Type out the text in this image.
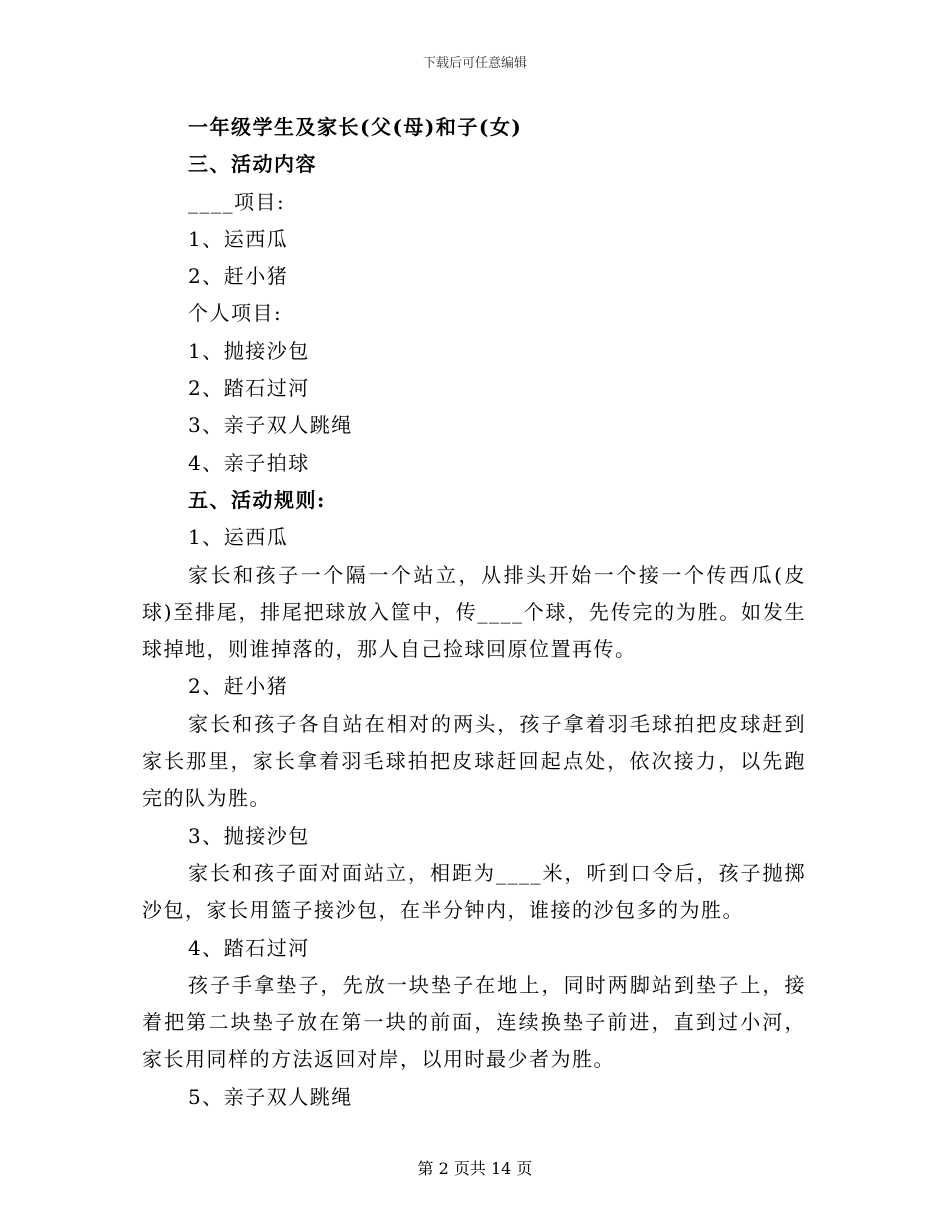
下载后可任意编辑
一年级学生及家长(父(母)和子(女)
三、活动内容
____项目:
1、运西瓜
2、赶小猪
个人项目:
1、抛接沙包
2、踏石过河
3、亲子双人跳绳
4、亲子拍球
五、活动规则:
1、运西瓜
家长和孩子一个隔一个站立，从排头开始一个接一个传西瓜(皮球)至排尾，排尾把球放入筐中，传____个球，先传完的为胜。如发生球掉地，则谁掉落的，那人自己捡球回原位置再传。
2、赶小猪
家长和孩子各自站在相对的两头，孩子拿着羽毛球拍把皮球赶到家长那里，家长拿着羽毛球拍把皮球赶回起点处，依次接力，以先跑完的队为胜。
3、抛接沙包
家长和孩子面对面站立，相距为____米，听到口令后，孩子抛掷沙包，家长用篮子接沙包，在半分钟内，谁接的沙包多的为胜。
4、踏石过河
孩子手拿垫子，先放一块垫子在地上，同时两脚站到垫子上，接着把第二块垫子放在第一块的前面，连续换垫子前进，直到过小河，家长用同样的方法返回对岸，以用时最少者为胜。
5、亲子双人跳绳
第 2 页共 14 页
